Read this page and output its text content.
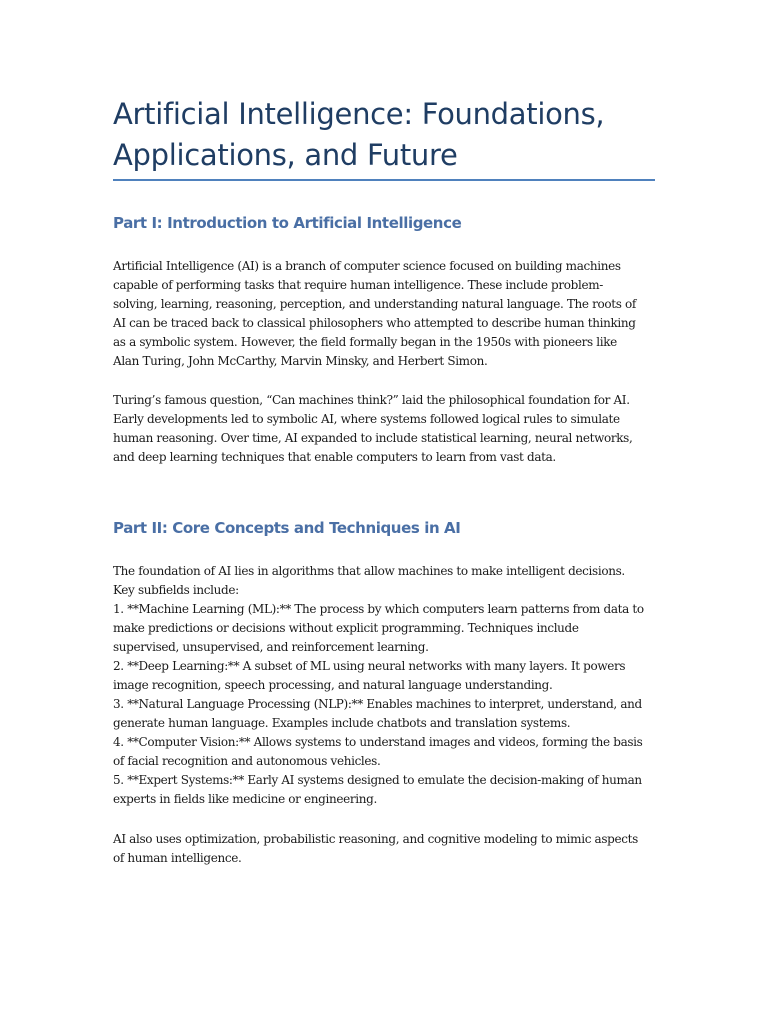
Artificial Intelligence: Foundations,
Applications, and Future
Part I: Introduction to Artificial Intelligence

Artificial Intelligence (AI) is a branch of computer science focused on building machines

capable of performing tasks that require human intelligence. These include problem-

solving, learning, reasoning, perception, and understanding natural language. The roots of

AI can be traced back to classical philosophers who attempted to describe human thinking

as a symbolic system. However, the field formally began in the 1950s with pioneers like

Alan Turing, John McCarthy, Marvin Minsky, and Herbert Simon.

Turing’s famous question, “Can machines think?” laid the philosophical foundation for AI.

Early developments led to symbolic AI, where systems followed logical rules to simulate

human reasoning. Over time, AI expanded to include statistical learning, neural networks,

and deep learning techniques that enable computers to learn from vast data.

Part II: Core Concepts and Techniques in AI

The foundation of AI lies in algorithms that allow machines to make intelligent decisions.

Key subfields include:

1. **Machine Learning (ML):** The process by which computers learn patterns from data to

make predictions or decisions without explicit programming. Techniques include

supervised, unsupervised, and reinforcement learning.

2. **Deep Learning:** A subset of ML using neural networks with many layers. It powers

image recognition, speech processing, and natural language understanding.

3. **Natural Language Processing (NLP):** Enables machines to interpret, understand, and

generate human language. Examples include chatbots and translation systems.

4. **Computer Vision:** Allows systems to understand images and videos, forming the basis

of facial recognition and autonomous vehicles.

5. **Expert Systems:** Early AI systems designed to emulate the decision-making of human

experts in fields like medicine or engineering.

AI also uses optimization, probabilistic reasoning, and cognitive modeling to mimic aspects

of human intelligence.
